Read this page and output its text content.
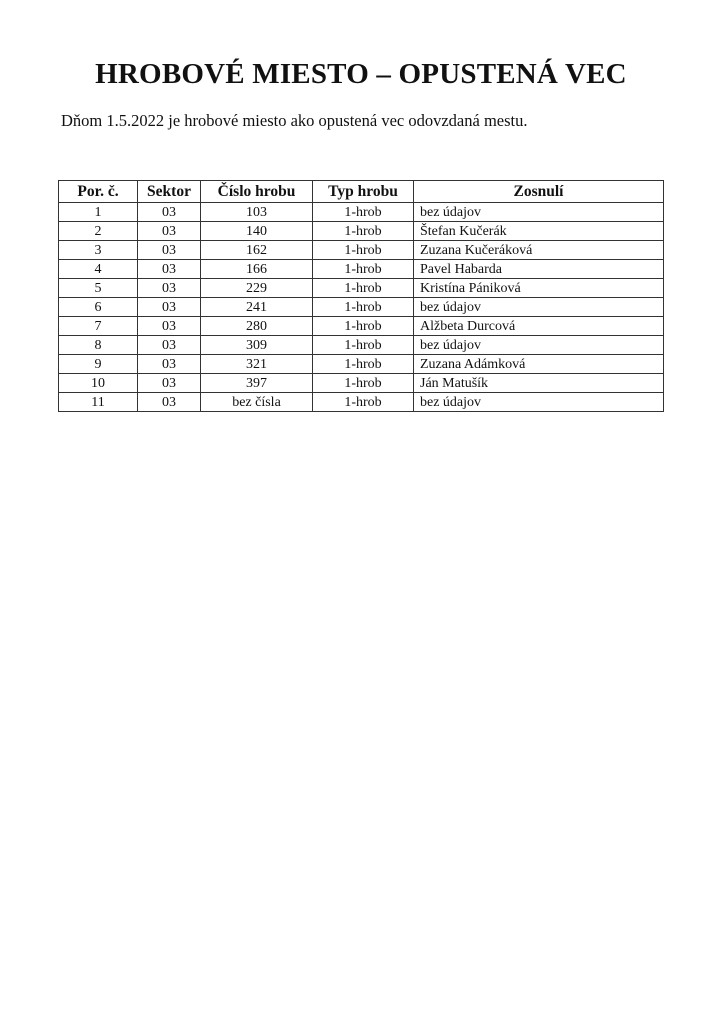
HROBOVÉ MIESTO – OPUSTENÁ VEC
Dňom 1.5.2022 je hrobové miesto ako opustená vec odovzdaná mestu.
Por. č.	Sektor	Číslo hrobu	Typ hrobu	Zosnulí
1	03	103	1-hrob	bez údajov
2	03	140	1-hrob	Štefan Kučerák
3	03	162	1-hrob	Zuzana Kučeráková
4	03	166	1-hrob	Pavel Habarda
5	03	229	1-hrob	Kristína Pániková
6	03	241	1-hrob	bez údajov
7	03	280	1-hrob	Alžbeta Durcová
8	03	309	1-hrob	bez údajov
9	03	321	1-hrob	Zuzana Adámková
10	03	397	1-hrob	Ján Matušík
11	03	bez čísla	1-hrob	bez údajov
